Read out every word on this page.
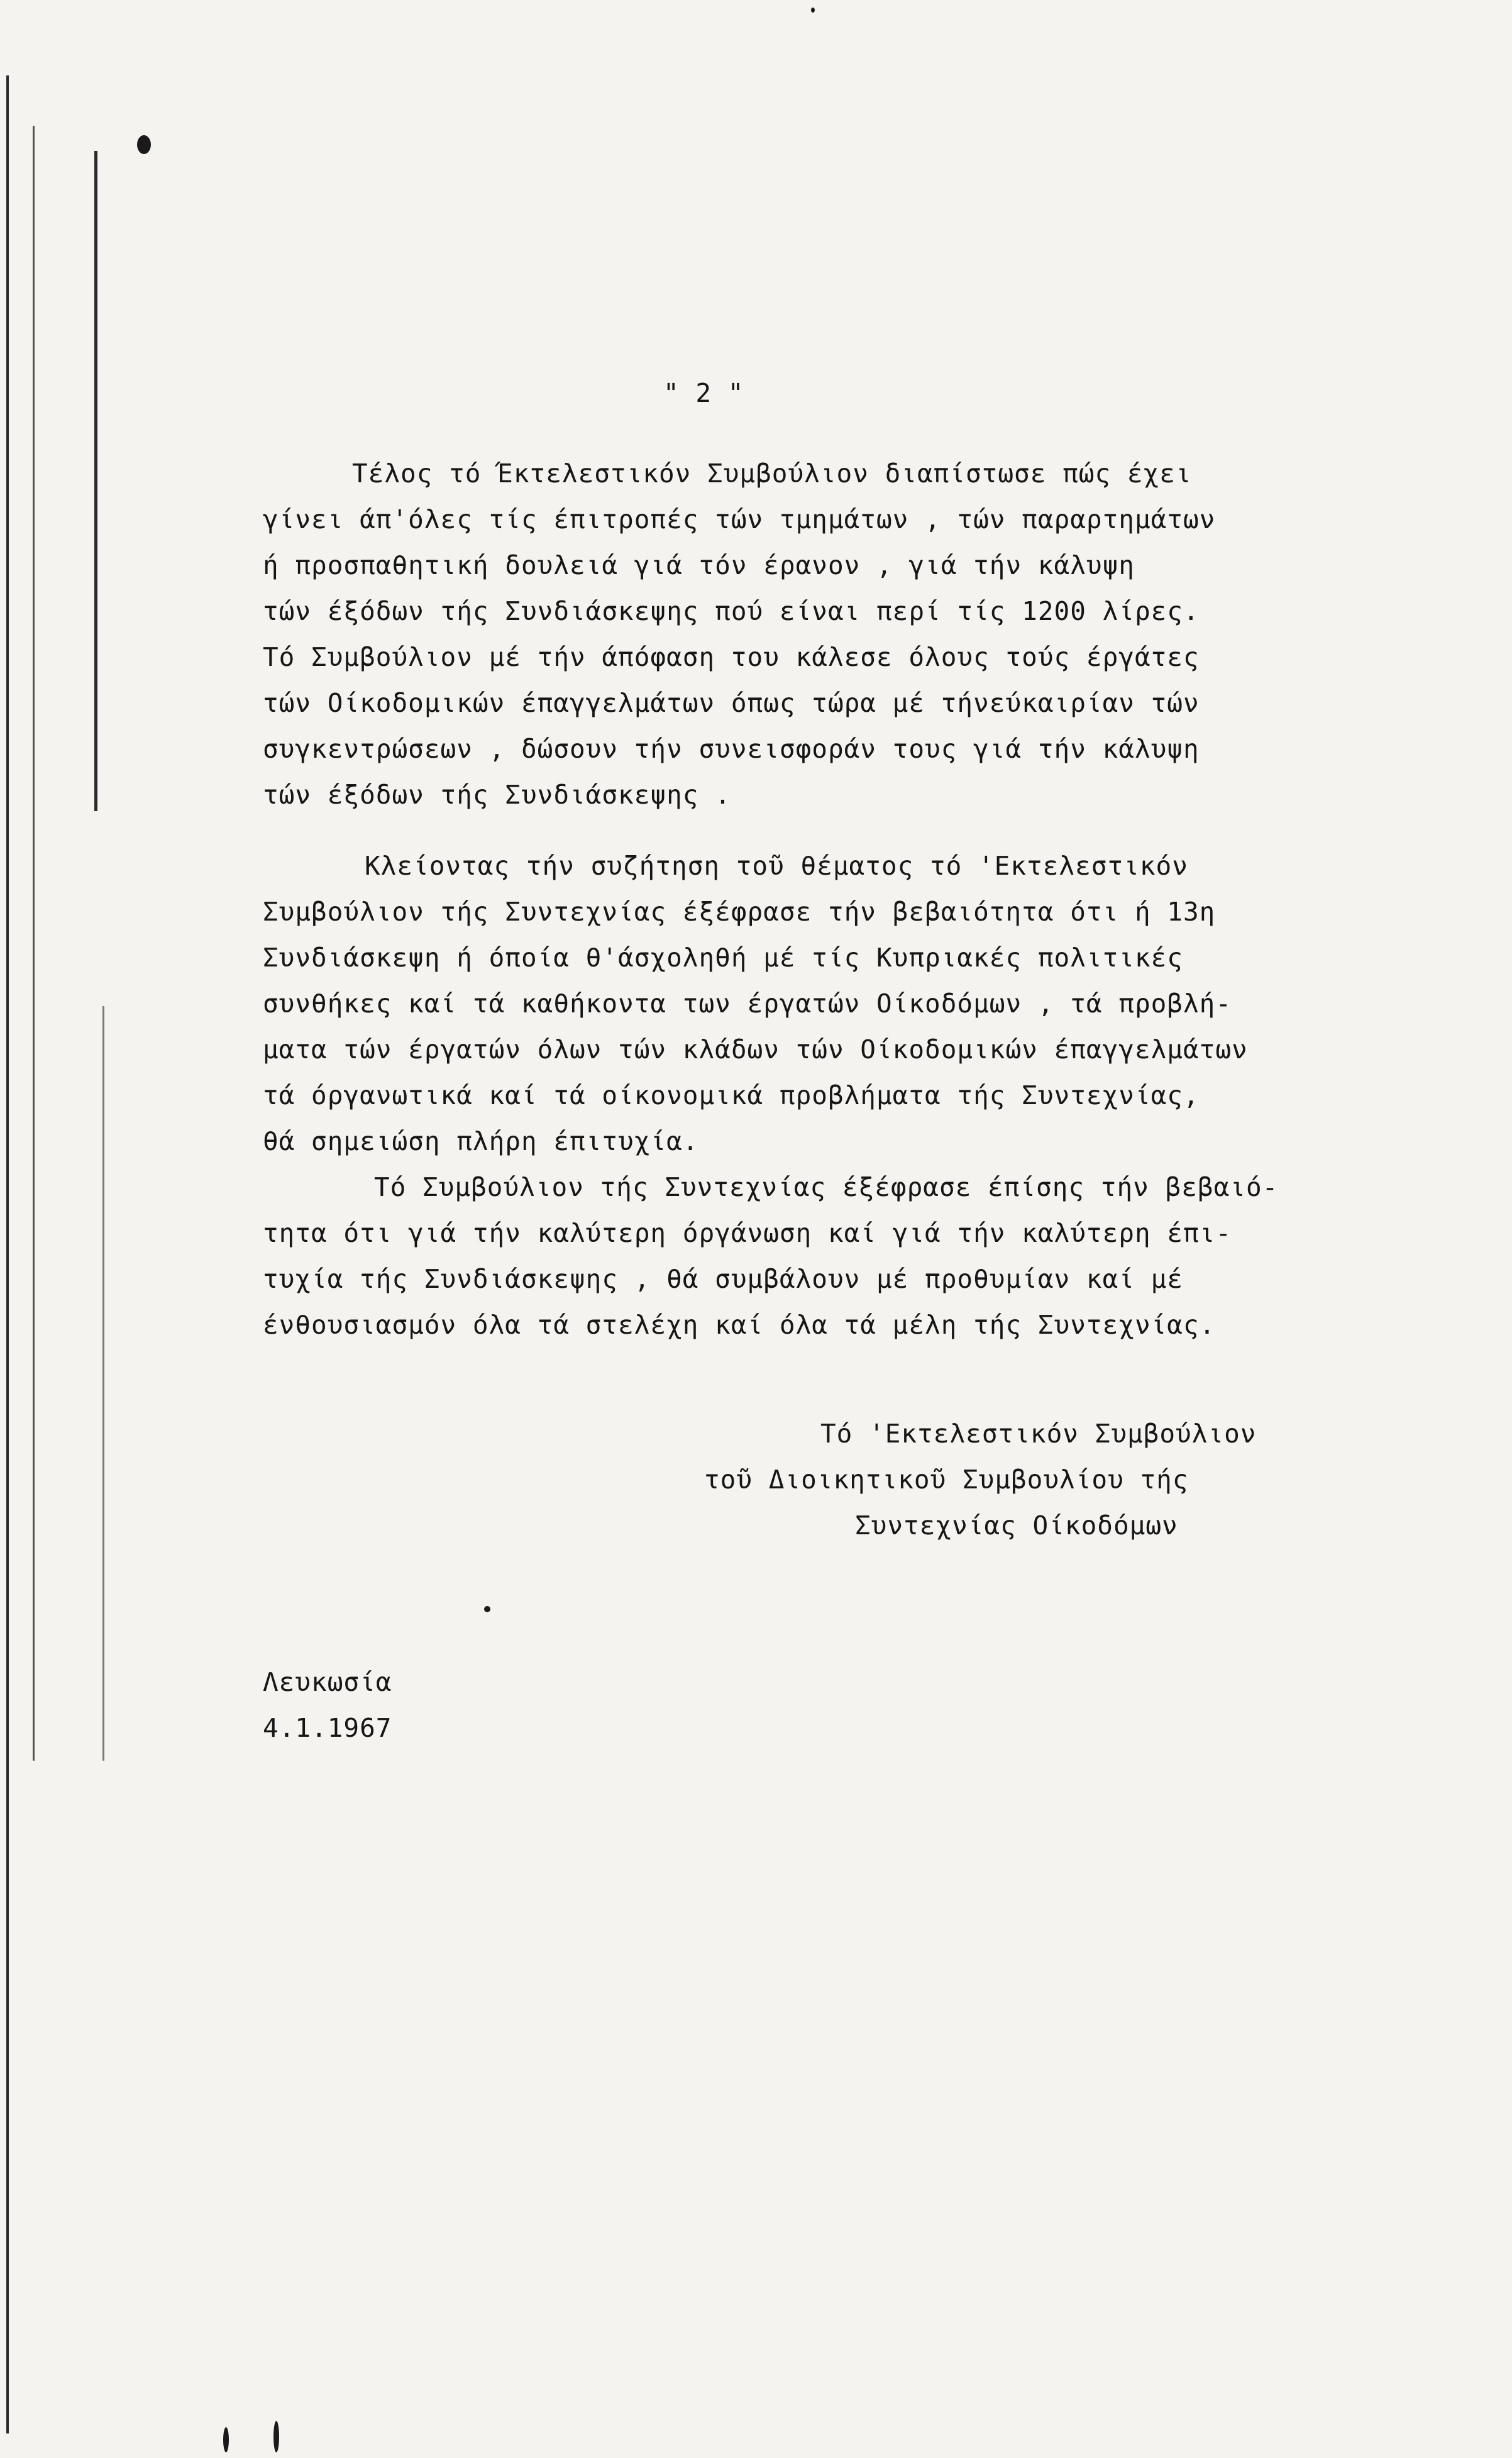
" 2 "
Τέλος τό Έκτελεστικόν Συμβούλιον διαπίστωσε πώς έχει
γίνει άπ'όλες τίς έπιτροπές τών τμημάτων , τών παραρτημάτων
ή προσπαθητική δουλειά γιά τόν έρανον , γιά τήν κάλυψη
τών έξόδων τής Συνδιάσκεψης πού είναι περί τίς 1200 λίρες.
Τό Συμβούλιον μέ τήν άπόφαση του κάλεσε όλους τούς έργάτες
τών Οίκοδομικών έπαγγελμάτων όπως τώρα μέ τήνεύκαιρίαν τών
συγκεντρώσεων , δώσουν τήν συνεισφοράν τους γιά τήν κάλυψη
τών έξόδων τής Συνδιάσκεψης .
Κλείοντας τήν συζήτηση τοῦ θέματος τό 'Εκτελεστικόν
Συμβούλιον τής Συντεχνίας έξέφρασε τήν βεβαιότητα ότι ή 13η
Συνδιάσκεψη ή όποία θ'άσχοληθή μέ τίς Κυπριακές πολιτικές
συνθήκες καί τά καθήκοντα των έργατών Οίκοδόμων , τά προβλή-
ματα τών έργατών όλων τών κλάδων τών Οίκοδομικών έπαγγελμάτων
τά όργανωτικά καί τά οίκονομικά προβλήματα τής Συντεχνίας,
θά σημειώση πλήρη έπιτυχία.
Τό Συμβούλιον τής Συντεχνίας έξέφρασε έπίσης τήν βεβαιό-
τητα ότι γιά τήν καλύτερη όργάνωση καί γιά τήν καλύτερη έπι-
τυχία τής Συνδιάσκεψης , θά συμβάλουν μέ προθυμίαν καί μέ
ένθουσιασμόν όλα τά στελέχη καί όλα τά μέλη τής Συντεχνίας.
Τό 'Εκτελεστικόν Συμβούλιον
τοῦ Διοικητικοῦ Συμβουλίου τής
Συντεχνίας Οίκοδόμων
Λευκωσία
4.1.1967
